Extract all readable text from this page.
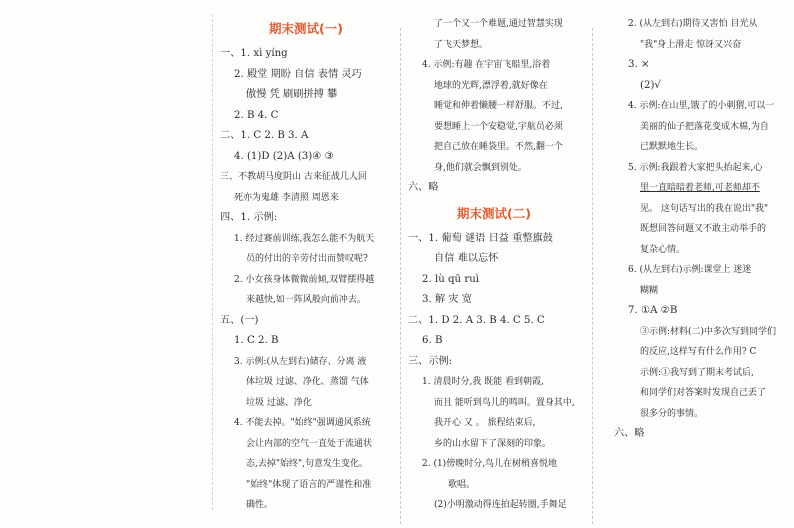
期末测试(一)
一、1. xì yíng
2. 殿堂 期盼 自信 表情 灵巧
傲慢 凭 刷刷拼搏 攀
2. B 4. C
二、1. C 2. B 3. A
4. (1)D (2)A (3)④ ③
三、不教胡马度阴山 古来征战几人回
死亦为鬼雄 李清照 周恩来
四、1. 示例:
1. 经过赛前训练,我怎么能不为航天
员的付出的辛劳付出而赞叹呢?
2. 小女孩身体微微前倾,双臂摆得越
来越快,如一阵风般向前冲去。
五、(一)
1. C 2. B
3. 示例:(从左到右)储存、分离 液
体垃圾 过滤、净化、蒸馏 气体
垃圾 过滤、净化
4. 不能去掉。"始终"强调通风系统
会让内部的空气一直处于流通状
态,去掉"始终",句意发生变化。
"始终"体现了语言的严谨性和准
确性。
了一个又一个难题,通过智慧实现
了飞天梦想。
4. 示例:有趣 在宇宙飞船里,浴着
地球的光辉,漂浮着,就好像在
睡觉和伸着懒腰一样舒服。不过,
要想睡上一个安稳觉,宇航员必须
把自己放在睡袋里。不然,翻一个
身,他们就会飘到别处。
六、略
期末测试(二)
一、1. 葡萄 谜语 日益 重整旗鼓
自信 难以忘怀
2. lù qū ruì
3. 解 灾 宽
二、1. D 2. A 3. B 4. C 5. C
6. B
三、示例:
1. 清晨时分,我 既能 看到朝霞,
而且 能听到鸟儿的鸣叫。置身其中,
我开心 又 。 旅程结束后,
乡的山水留下了深刻的印象。
2. (1)傍晚时分,鸟儿在树梢喜悦地
歌唱。
(2)小明激动得连拍起转圈,手舞足
2. (从左到右)期待又害怕 目光从
"我"身上滑走 惊讶又兴奋
3. ×
(2)√
4. 示例:在山里,饿了的小刺猬,可以一
美丽的仙子把落花变成木棉,为自
已默默地生长。
5. 示例:我跟着大家把头抬起来,心
里一直暗暗着老师,可老师却不
见。 这句话写出的我在说出"我"
既想回答问题又不敢主动举手的
复杂心情。
6. (从左到右)示例:课堂上 迷迷
糊糊
7. ①A ②B
③示例:材料(二)中多次写到同学们
的反应,这样写有什么作用? C
示例:①我写到了期末考试后,
和同学们对答案时发现自己丢了
很多分的事情。
六、略
